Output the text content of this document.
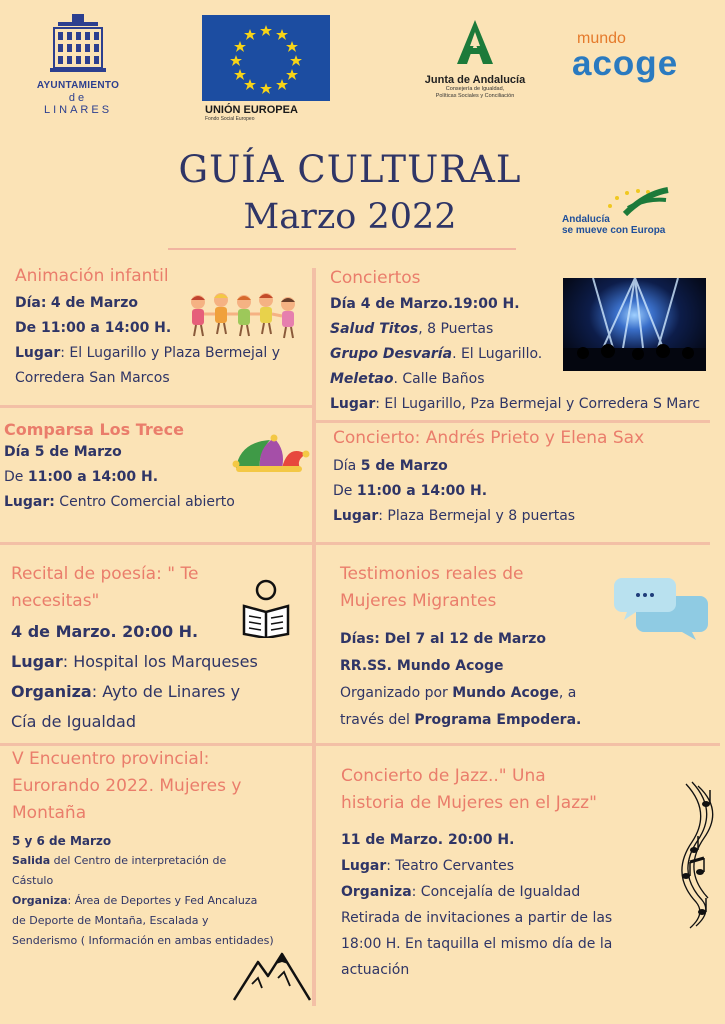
AYUNTAMIENTO
de LINARES	UNIÓN EUROPEA
Fondo Social Europeo
Junta de Andalucía
Consejería de Igualdad,
Políticas Sociales y Conciliación
mundo
acoge
Andalucía
se mueve con Europa
GUÍA CULTURAL
Marzo 2022
Animación infantil
Día: 4 de Marzo
De 11:00 a 14:00 H.
Lugar: El Lugarillo y Plaza Bermejal y
Corredera San Marcos
Conciertos
Día 4 de Marzo.19:00 H.
Salud Titos, 8 Puertas
Grupo Desvaría. El Lugarillo.
Meletao. Calle Baños
Lugar: El Lugarillo, Pza Bermejal y Corredera S Marc
Comparsa Los Trece
Día 5 de Marzo
De 11:00 a 14:00 H.
Lugar: Centro Comercial abierto
Concierto: Andrés Prieto y Elena Sax
Día 5 de Marzo
De 11:00 a 14:00 H.
Lugar: Plaza Bermejal y 8 puertas
Recital de poesía: " Te
necesitas"
4 de Marzo. 20:00 H.
Lugar: Hospital los Marqueses
Organiza: Ayto de Linares y
Cía de Igualdad
Testimonios reales de
Mujeres Migrantes
Días: Del 7 al 12 de Marzo
RR.SS. Mundo Acoge
Organizado por Mundo Acoge, a
través del Programa Empodera.
V Encuentro provincial:
Eurorando 2022. Mujeres y
Montaña
5 y 6 de Marzo
Salida del Centro de interpretación de
Cástulo
Organiza: Área de Deportes y Fed Ancaluza
de Deporte de Montaña, Escalada y
Senderismo ( Información en ambas entidades)
Concierto de Jazz.." Una
historia de Mujeres en el Jazz"
11 de Marzo. 20:00 H.
Lugar: Teatro Cervantes
Organiza: Concejalía de Igualdad
Retirada de invitaciones a partir de las
18:00 H. En taquilla el mismo día de la
actuación
